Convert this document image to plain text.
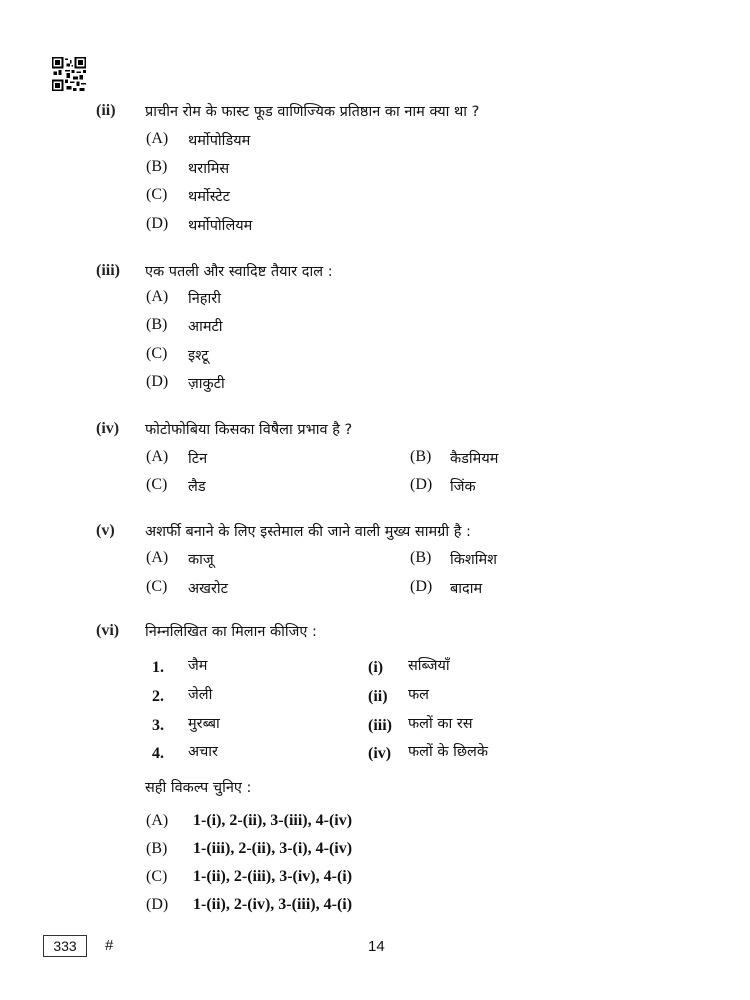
(ii) प्राचीन रोम के फास्ट फूड वाणिज्यिक प्रतिष्ठान का नाम क्या था ?
(A) थर्मोपोडियम
(B) थरामिस
(C) थर्मोस्टेट
(D) थर्मोपोलियम
(iii) एक पतली और स्वादिष्ट तैयार दाल :
(A) निहारी
(B) आमटी
(C) इश्टू
(D) ज़ाकुटी
(iv) फोटोफोबिया किसका विषैला प्रभाव है ?
(A) टिन	(B) कैडमियम
(C) लैड	(D) जिंक
(v) अशर्फी बनाने के लिए इस्तेमाल की जाने वाली मुख्य सामग्री है :
(A) काजू	(B) किशमिश
(C) अखरोट	(D) बादाम
(vi) निम्नलिखित का मिलान कीजिए :
1. जैम	(i) सब्जियाँ
2. जेली	(ii) फल
3. मुरब्बा	(iii) फलों का रस
4. अचार	(iv) फलों के छिलके
सही विकल्प चुनिए :
(A) 1-(i), 2-(ii), 3-(iii), 4-(iv)
(B) 1-(iii), 2-(ii), 3-(i), 4-(iv)
(C) 1-(ii), 2-(iii), 3-(iv), 4-(i)
(D) 1-(ii), 2-(iv), 3-(iii), 4-(i)
333	#	14
